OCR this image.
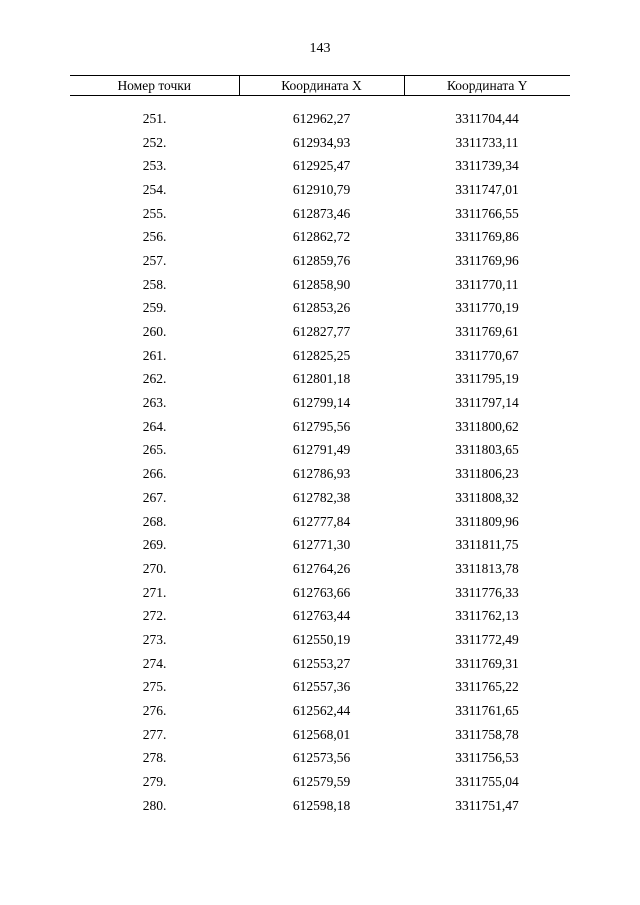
143
Номер точки	Координата X	Координата Y

251.	612962,27	3311704,44
252.	612934,93	3311733,11
253.	612925,47	3311739,34
254.	612910,79	3311747,01
255.	612873,46	3311766,55
256.	612862,72	3311769,86
257.	612859,76	3311769,96
258.	612858,90	3311770,11
259.	612853,26	3311770,19
260.	612827,77	3311769,61
261.	612825,25	3311770,67
262.	612801,18	3311795,19
263.	612799,14	3311797,14
264.	612795,56	3311800,62
265.	612791,49	3311803,65
266.	612786,93	3311806,23
267.	612782,38	3311808,32
268.	612777,84	3311809,96
269.	612771,30	3311811,75
270.	612764,26	3311813,78
271.	612763,66	3311776,33
272.	612763,44	3311762,13
273.	612550,19	3311772,49
274.	612553,27	3311769,31
275.	612557,36	3311765,22
276.	612562,44	3311761,65
277.	612568,01	3311758,78
278.	612573,56	3311756,53
279.	612579,59	3311755,04
280.	612598,18	3311751,47
